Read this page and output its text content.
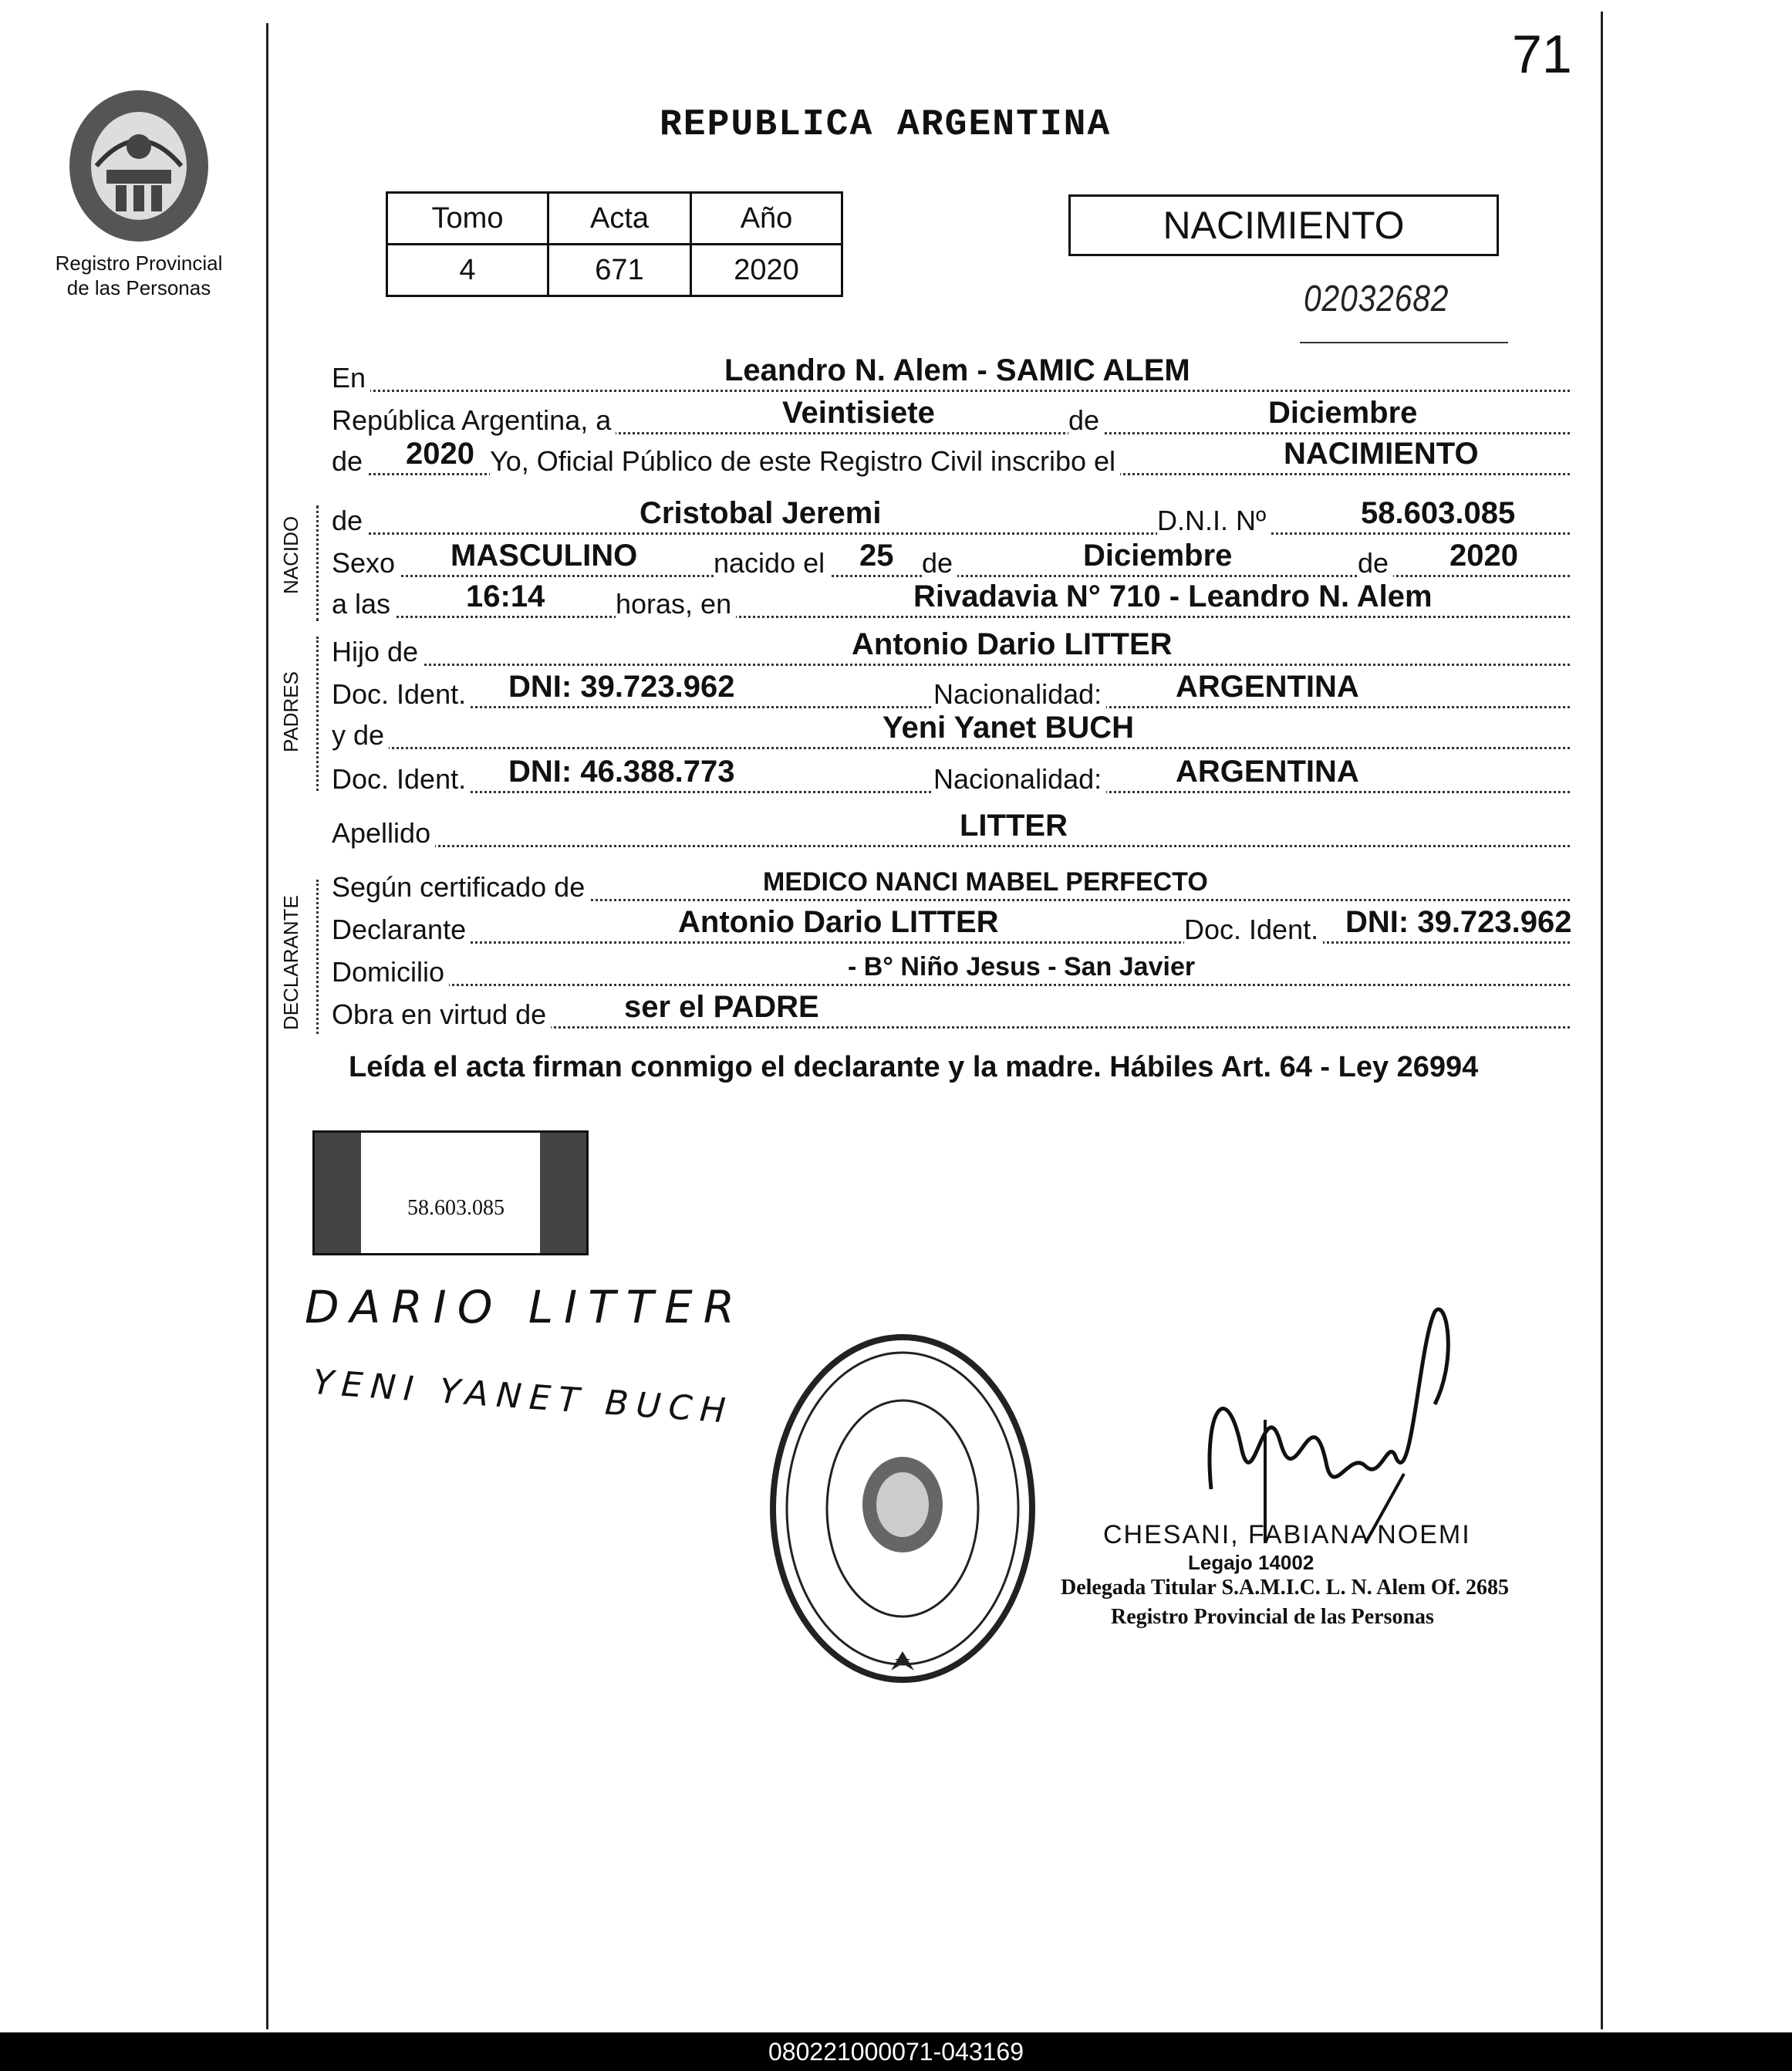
71
Registro Provincial
de las Personas
REPUBLICA ARGENTINA
Tomo	Acta	Año
4	671	2020
NACIMIENTO
02032682
En	Leandro N. Alem - SAMIC ALEM
República Argentina, a	Veintisiete	de	Diciembre
de 2020 Yo, Oficial Público de este Registro Civil inscribo el	NACIMIENTO
NACIDO de	Cristobal Jeremi	D.N.I. Nº	58.603.085
Sexo MASCULINO	nacido el 25 de	Diciembre	de 2020
a las 16:14	horas, en	Rivadavia N° 710 - Leandro N. Alem
PADRES
Hijo de	Antonio Dario LITTER
Doc. Ident. DNI: 39.723.962	Nacionalidad: ARGENTINA
y de	Yeni Yanet BUCH
Doc. Ident. DNI: 46.388.773	Nacionalidad: ARGENTINA
Apellido	LITTER
DECLARANTE
Según certificado de	MEDICO NANCI MABEL PERFECTO
Declarante	Antonio Dario LITTER	Doc. Ident. DNI: 39.723.962
Domicilio	- B° Niño Jesus - San Javier
Obra en virtud de	ser el PADRE
Leída el acta firman conmigo el declarante y la madre. Hábiles Art. 64 - Ley 26994
58.603.085
DARIO LITTER
YENI YANET BUCH
CHESANI, FABIANA NOEMI
Legajo 14002
Delegada Titular S.A.M.I.C. L. N. Alem Of. 2685
Registro Provincial de las Personas
080221000071-043169
